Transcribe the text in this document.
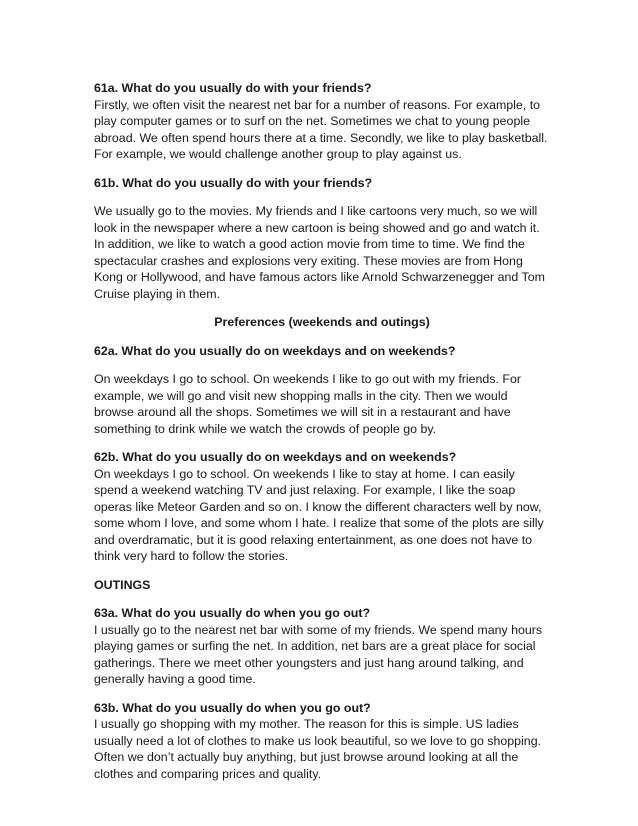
61a. What do you usually do with your friends?

Firstly, we often visit the nearest net bar for a number of reasons. For example, to play computer games or to surf on the net. Sometimes we chat to young people abroad. We often spend hours there at a time. Secondly, we like to play basketball. For example, we would challenge another group to play against us.

61b. What do you usually do with your friends?

We usually go to the movies. My friends and I like cartoons very much, so we will look in the newspaper where a new cartoon is being showed and go and watch it. In addition, we like to watch a good action movie from time to time. We find the spectacular crashes and explosions very exiting. These movies are from Hong Kong or Hollywood, and have famous actors like Arnold Schwarzenegger and Tom Cruise playing in them.

Preferences (weekends and outings)

62a. What do you usually do on weekdays and on weekends?

On weekdays I go to school. On weekends I like to go out with my friends. For example, we will go and visit new shopping malls in the city. Then we would browse around all the shops. Sometimes we will sit in a restaurant and have something to drink while we watch the crowds of people go by.

62b. What do you usually do on weekdays and on weekends?

On weekdays I go to school. On weekends I like to stay at home. I can easily spend a weekend watching TV and just relaxing. For example, I like the soap operas like Meteor Garden and so on. I know the different characters well by now, some whom I love, and some whom I hate. I realize that some of the plots are silly and overdramatic, but it is good relaxing entertainment, as one does not have to think very hard to follow the stories.

OUTINGS

63a. What do you usually do when you go out?

I usually go to the nearest net bar with some of my friends. We spend many hours playing games or surfing the net. In addition, net bars are a great place for social gatherings. There we meet other youngsters and just hang around talking, and generally having a good time.

63b. What do you usually do when you go out?

I usually go shopping with my mother. The reason for this is simple. US ladies usually need a lot of clothes to make us look beautiful, so we love to go shopping. Often we don’t actually buy anything, but just browse around looking at all the clothes and comparing prices and quality.
